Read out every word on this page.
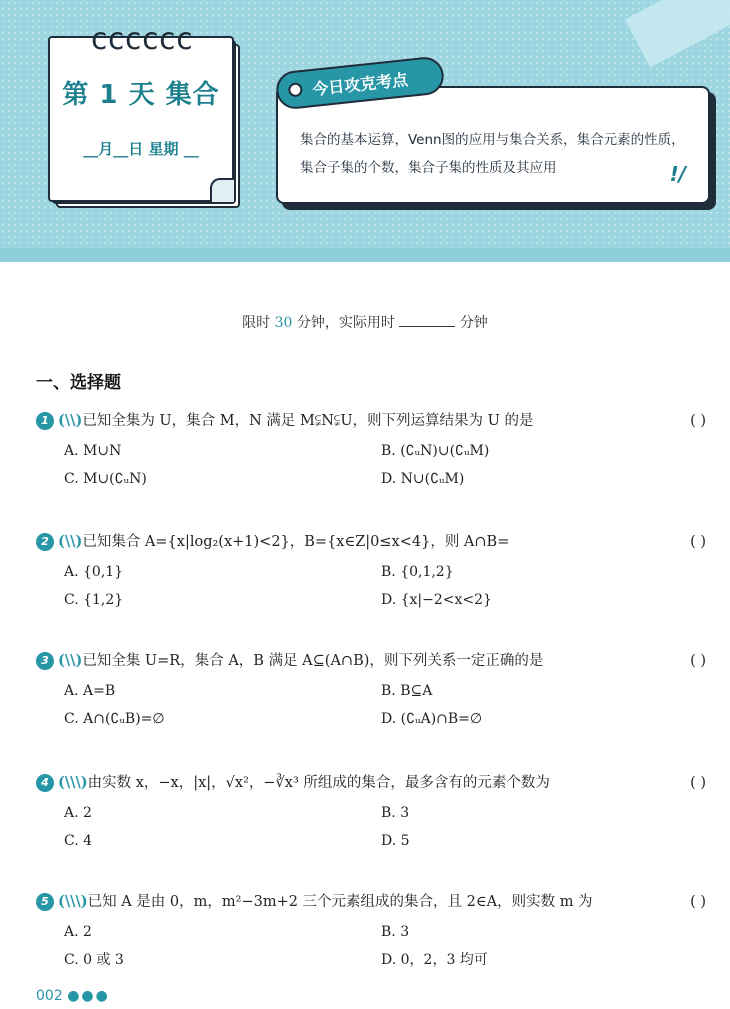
cccccc
第 1 天 集合
__月__日 星期 __	集合的基本运算，Venn图的应用与集合关系，集合元素的性质，集合子集的个数，集合子集的性质及其应用	!/
今日攻克考点
限时 30 分钟，实际用时	分钟
一、选择题
1 (\\)已知全集为 U，集合 M，N 满足 M⫋N⫋U，则下列运算结果为 U 的是	( )
A. M∪N	B. (∁ᵤN)∪(∁ᵤM)
C. M∪(∁ᵤN)	D. N∪(∁ᵤM)
2 (\\)已知集合 A={x|log₂(x+1)<2}，B={x∈Z|0≤x<4}，则 A∩B=	( )
A. {0,1}	B. {0,1,2}
C. {1,2}	D. {x|−2<x<2}
3 (\\)已知全集 U=R，集合 A，B 满足 A⊆(A∩B)，则下列关系一定正确的是	( )
A. A=B	B. B⊆A
C. A∩(∁ᵤB)=∅	D. (∁ᵤA)∩B=∅
4 (\\\)由实数 x，−x，|x|，√x²，−∛x³ 所组成的集合，最多含有的元素个数为	( )
A. 2	B. 3
C. 4	D. 5
5 (\\\)已知 A 是由 0，m，m²−3m+2 三个元素组成的集合，且 2∈A，则实数 m 为	( )
A. 2	B. 3
C. 0 或 3	D. 0，2，3 均可
002 ●●●
